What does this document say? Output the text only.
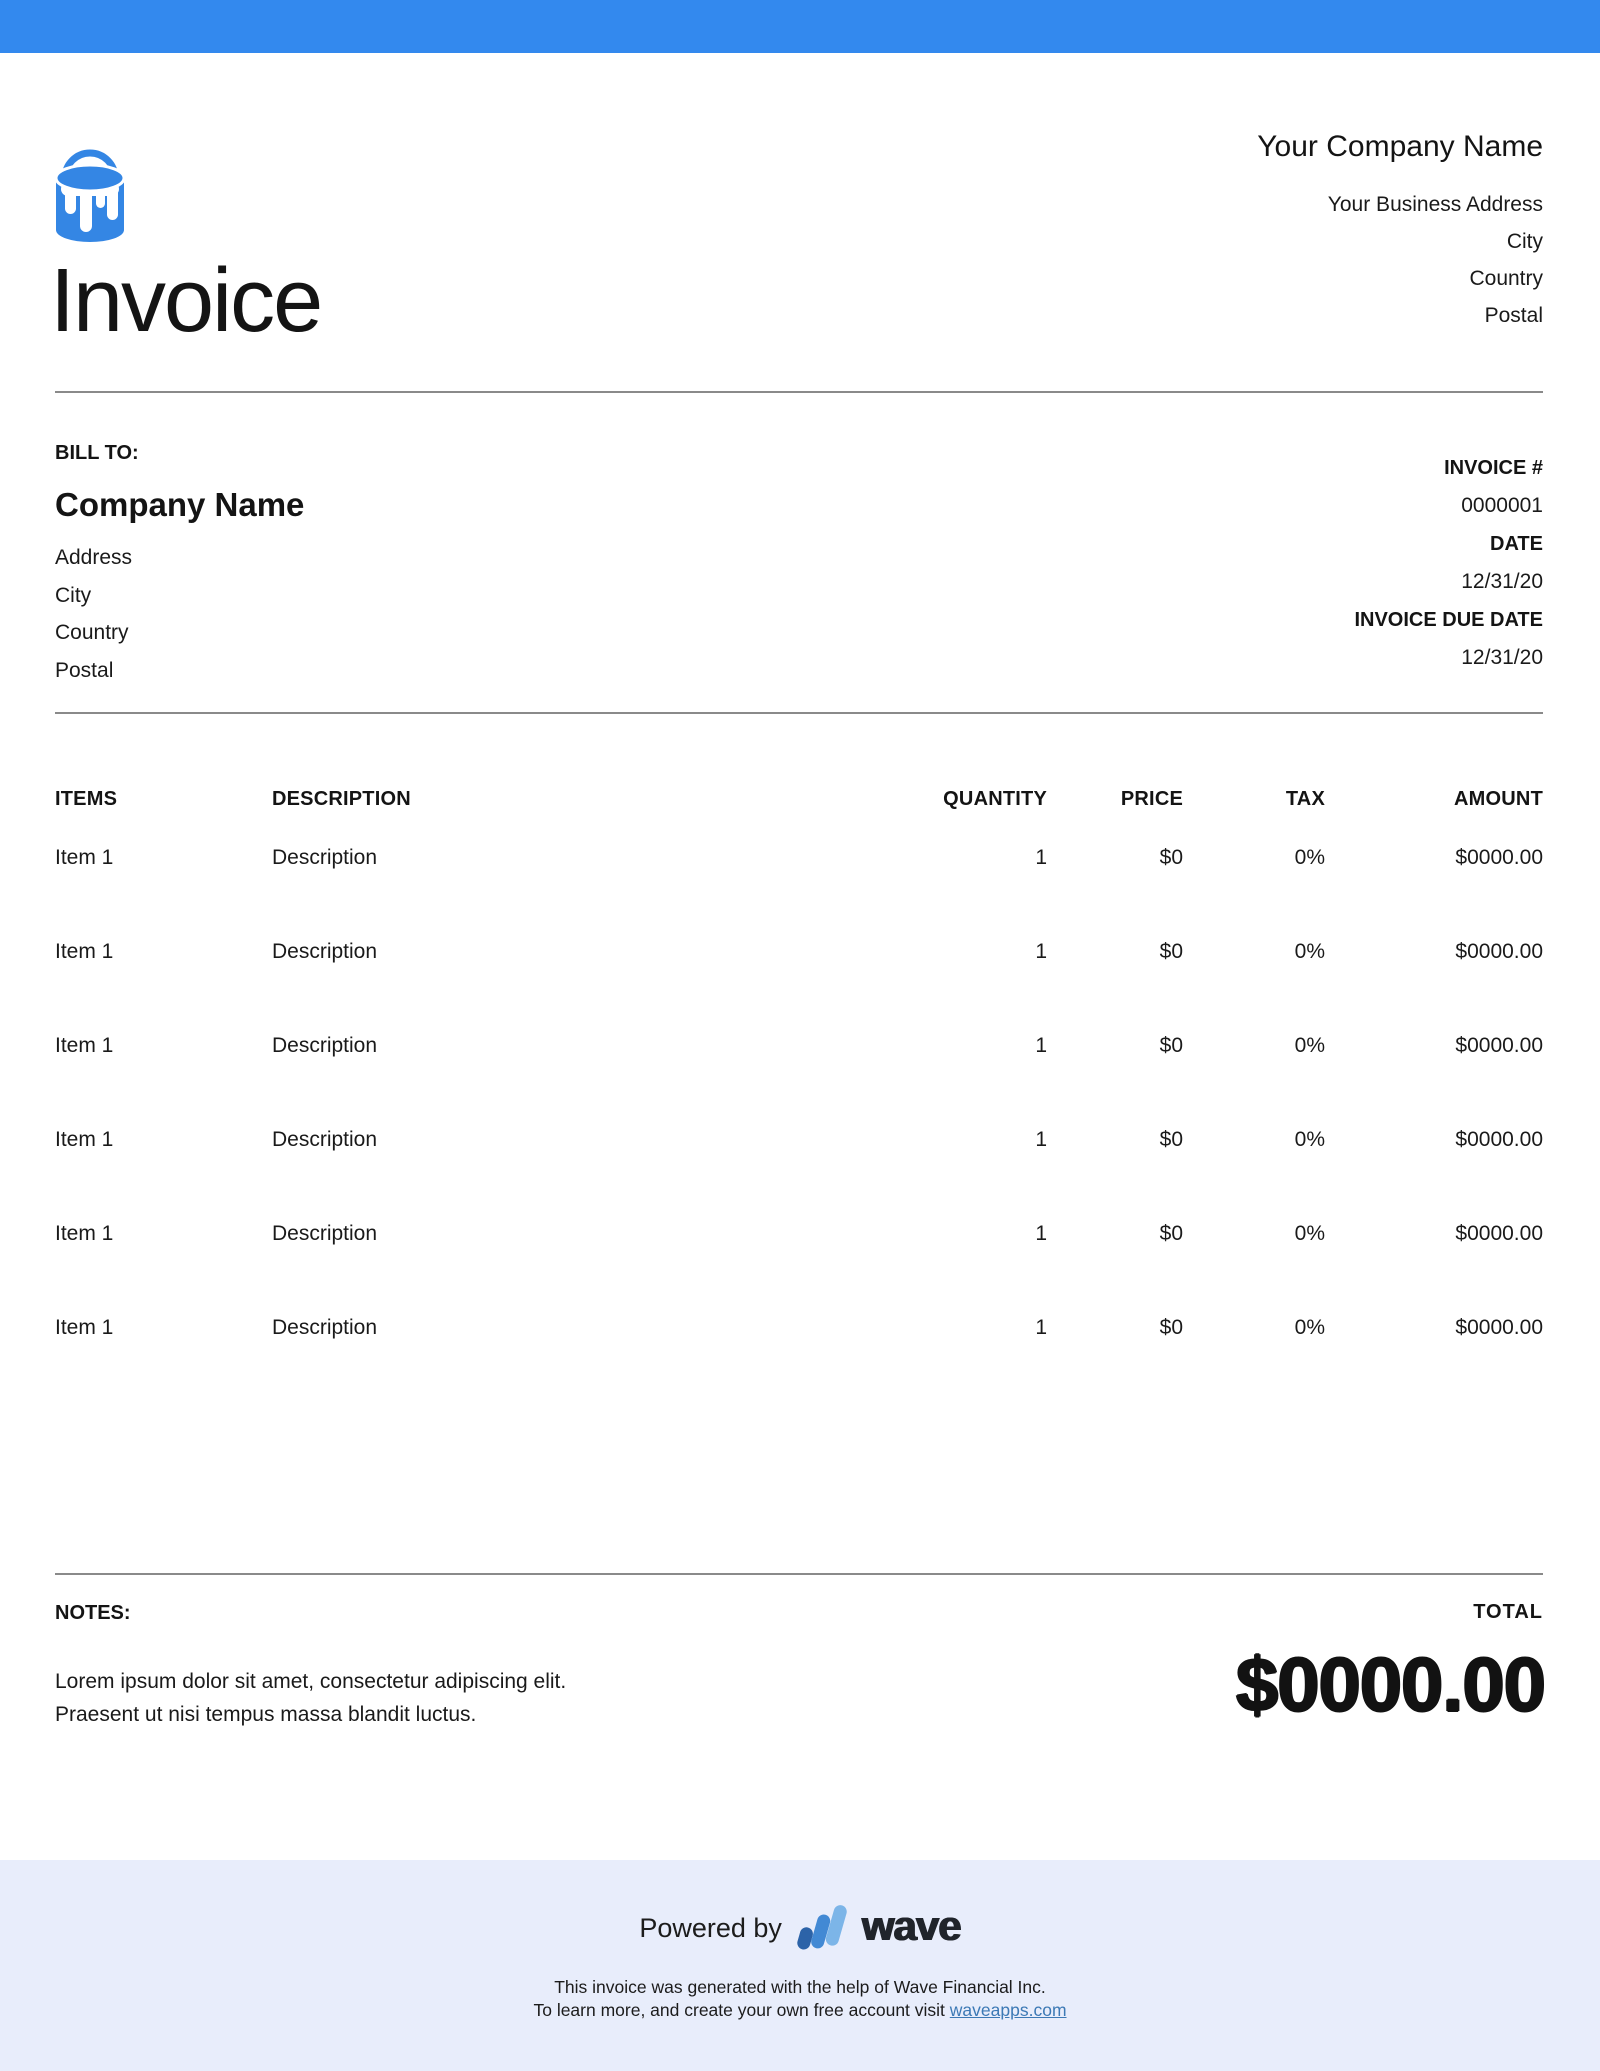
Invoice
Your Company Name
Your Business Address
City
Country
Postal
BILL TO:
Company Name
Address
City
Country
Postal
INVOICE #
0000001
DATE
12/31/20
INVOICE DUE DATE
12/31/20
ITEMS	DESCRIPTION	QUANTITY	PRICE	TAX	AMOUNT
Item 1	Description	1	$0	0%	$0000.00
Item 1	Description	1	$0	0%	$0000.00
Item 1	Description	1	$0	0%	$0000.00
Item 1	Description	1	$0	0%	$0000.00
Item 1	Description	1	$0	0%	$0000.00
Item 1	Description	1	$0	0%	$0000.00
NOTES:
Lorem ipsum dolor sit amet, consectetur adipiscing elit.
Praesent ut nisi tempus massa blandit luctus.
TOTAL
$0000.00
Powered by wave
This invoice was generated with the help of Wave Financial Inc.
To learn more, and create your own free account visit waveapps.com
